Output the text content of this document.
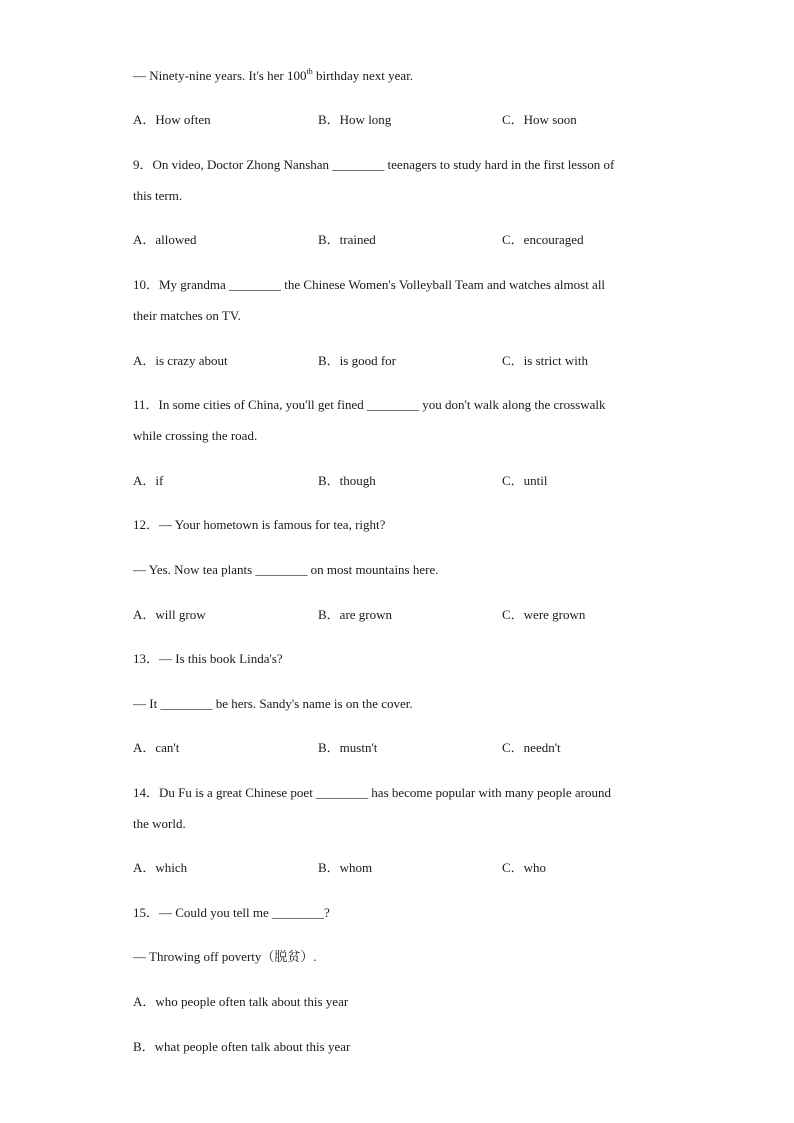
— Ninety-nine years. It's her 100th birthday next year.
A．How often	B．How long	C．How soon
9．On video, Doctor Zhong Nanshan ________ teenagers to study hard in the first lesson of
this term.
A．allowed	B．trained	C．encouraged
10．My grandma ________ the Chinese Women's Volleyball Team and watches almost all
their matches on TV.
A．is crazy about	B．is good for	C．is strict with
11．In some cities of China, you'll get fined ________ you don't walk along the crosswalk
while crossing the road.
A．if	B．though	C．until
12．— Your hometown is famous for tea, right?
— Yes. Now tea plants ________ on most mountains here.
A．will grow	B．are grown	C．were grown
13．— Is this book Linda's?
— It ________ be hers. Sandy's name is on the cover.
A．can't	B．mustn't	C．needn't
14．Du Fu is a great Chinese poet ________ has become popular with many people around
the world.
A．which	B．whom	C．who
15．— Could you tell me ________?
— Throwing off poverty（脱贫）.
A．who people often talk about this year
B．what people often talk about this year
